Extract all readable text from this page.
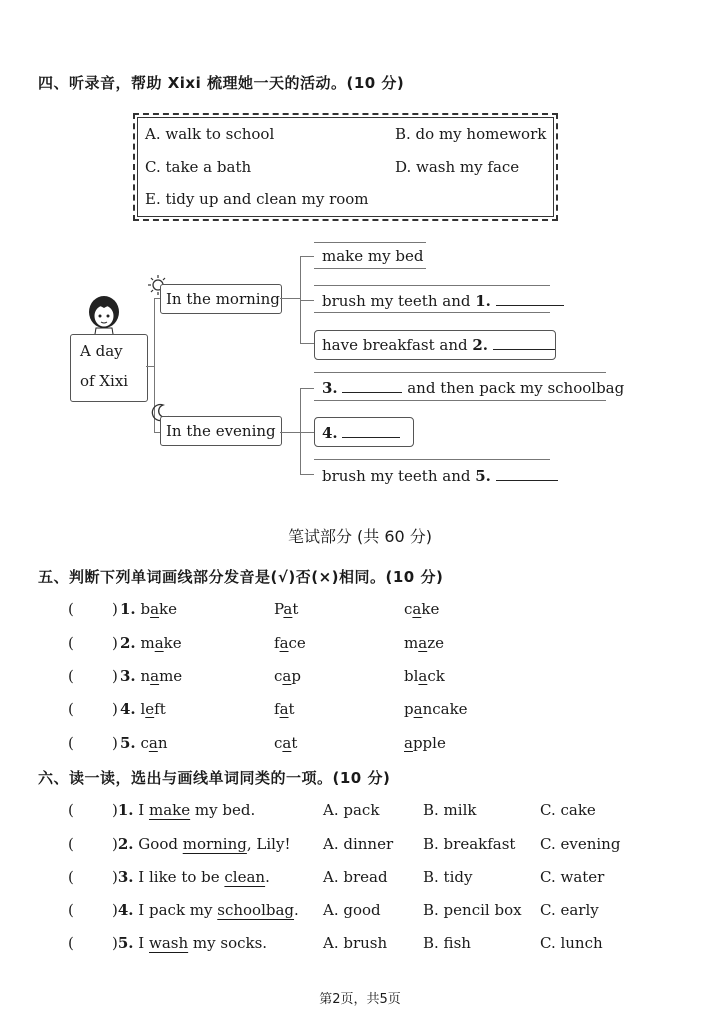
四、听录音，帮助 Xixi 梳理她一天的活动。(10 分)
A. walk to school	B. do my homework
C. take a bath	D. wash my face
E. tidy up and clean my room
A day
of Xixi
In the morning
In the evening
make my bed
brush my teeth and 1.
have breakfast and 2.
3.	and then pack my schoolbag
4.
brush my teeth and 5.
笔试部分 (共 60 分)
五、判断下列单词画线部分发音是(√)否(×)相同。(10 分)
(	) 1. bake	Pat	cake
(	) 2. make	face	maze
(	) 3. name	cap	black
(	) 4. left	fat	pancake
(	) 5. can	cat	apple
六、读一读，选出与画线单词同类的一项。(10 分)
(	)1. I make my bed.	A. pack	B. milk	C. cake
(	)2. Good morning, Lily! A. dinner B. breakfast C. evening
(	)3. I like to be clean.	A. bread B. tidy	C. water
(	)4. I pack my schoolbag. A. good	B. pencil box C. early
(	)5. I wash my socks.	A. brush B. fish	C. lunch
第2页，共5页
